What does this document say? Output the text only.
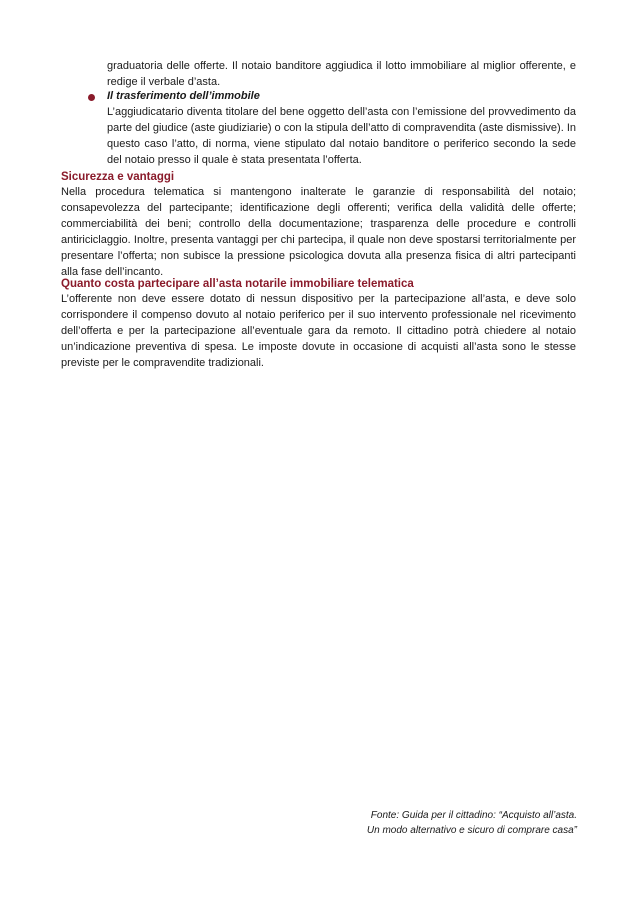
graduatoria delle offerte. Il notaio banditore aggiudica il lotto immobiliare al miglior offerente, e redige il verbale d’asta.
Il trasferimento dell’immobile
L’aggiudicatario diventa titolare del bene oggetto dell’asta con l’emissione del provvedimento da parte del giudice (aste giudiziarie) o con la stipula dell’atto di compravendita (aste dismissive). In questo caso l’atto, di norma, viene stipulato dal notaio banditore o periferico secondo la sede del notaio presso il quale è stata presentata l’offerta.
Sicurezza e vantaggi
Nella procedura telematica si mantengono inalterate le garanzie di responsabilità del notaio; consapevolezza del partecipante; identificazione degli offerenti; verifica della validità delle offerte; commerciabilità dei beni; controllo della documentazione; trasparenza delle procedure e controlli antiriciclaggio. Inoltre, presenta vantaggi per chi partecipa, il quale non deve spostarsi territorialmente per presentare l’offerta; non subisce la pressione psicologica dovuta alla presenza fisica di altri partecipanti alla fase dell’incanto.
Quanto costa partecipare all’asta notarile immobiliare telematica
L’offerente non deve essere dotato di nessun dispositivo per la partecipazione all’asta, e deve solo corrispondere il compenso dovuto al notaio periferico per il suo intervento professionale nel ricevimento dell’offerta e per la partecipazione all’eventuale gara da remoto. Il cittadino potrà chiedere al notaio un’indicazione preventiva di spesa. Le imposte dovute in occasione di acquisti all’asta sono le stesse previste per le compravendite tradizionali.
Fonte: Guida per il cittadino: “Acquisto all’asta.
Un modo alternativo e sicuro di comprare casa”
